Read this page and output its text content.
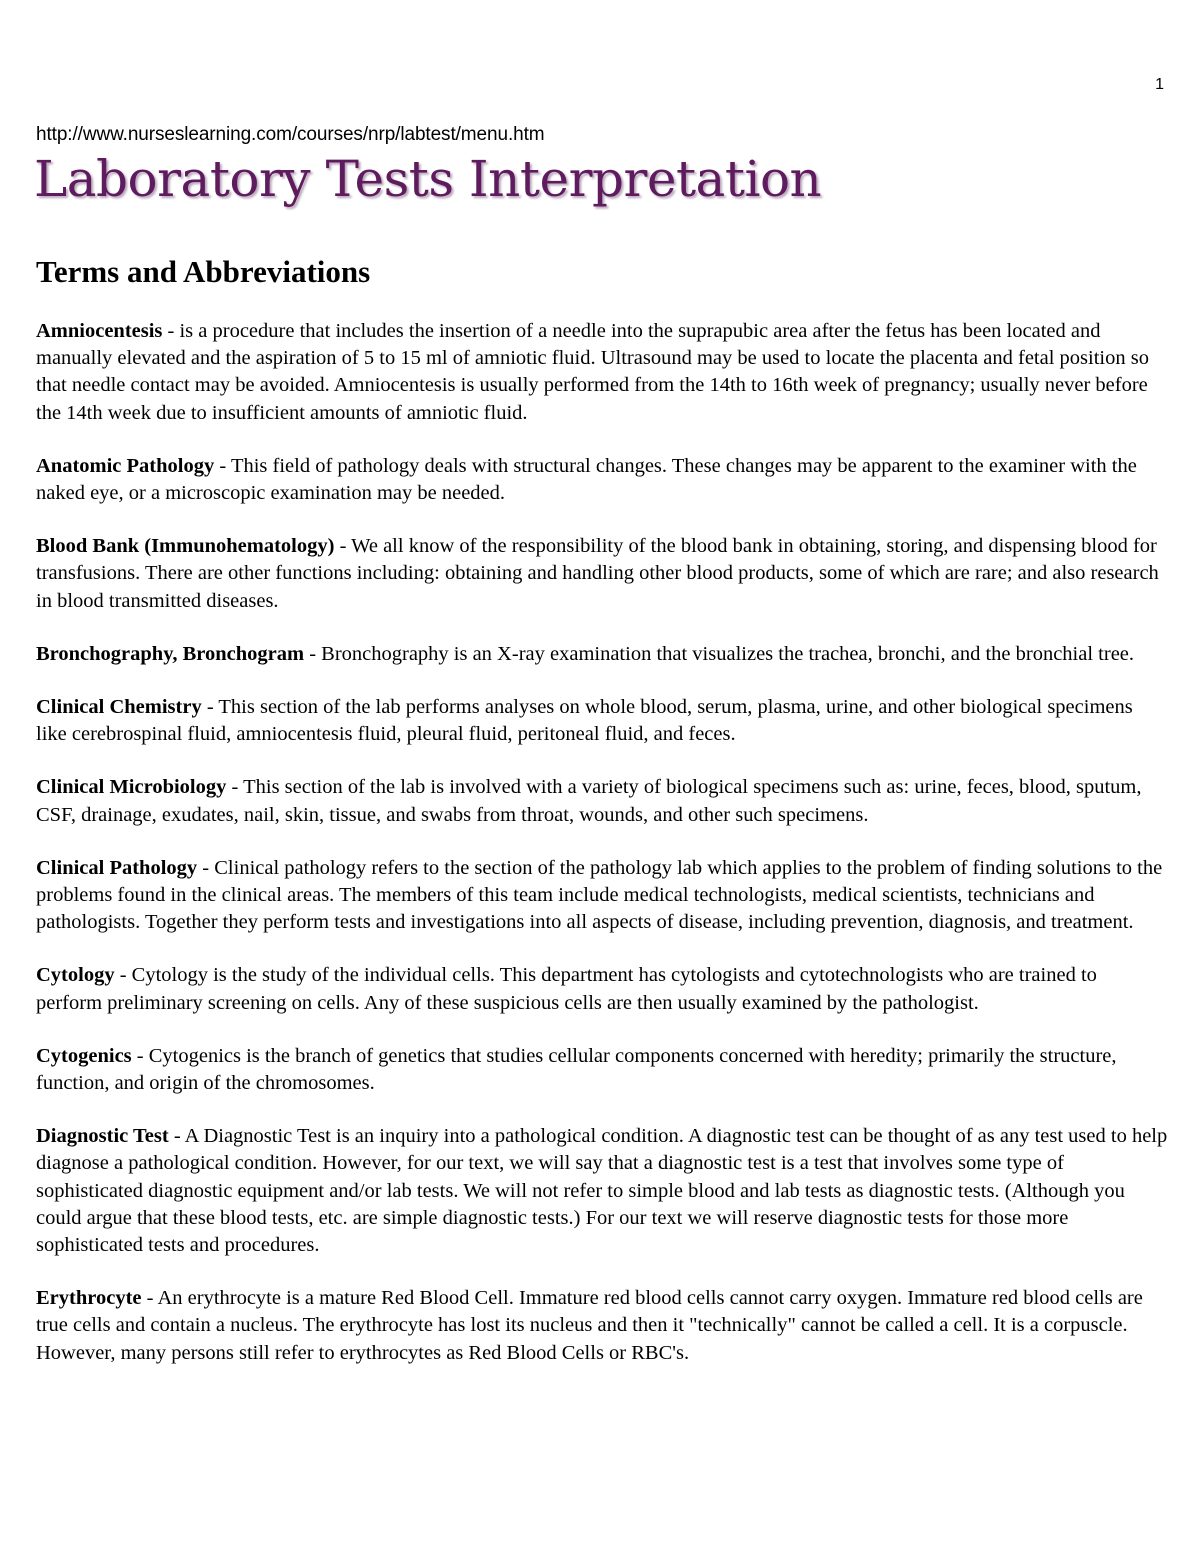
1
http://www.nurseslearning.com/courses/nrp/labtest/menu.htm
Laboratory Tests Interpretation
Terms and Abbreviations
Amniocentesis - is a procedure that includes the insertion of a needle into the suprapubic area after the fetus has been located and manually elevated and the aspiration of 5 to 15 ml of amniotic fluid. Ultrasound may be used to locate the placenta and fetal position so that needle contact may be avoided. Amniocentesis is usually performed from the 14th to 16th week of pregnancy; usually never before the 14th week due to insufficient amounts of amniotic fluid.
Anatomic Pathology - This field of pathology deals with structural changes. These changes may be apparent to the examiner with the naked eye, or a microscopic examination may be needed.
Blood Bank (Immunohematology) - We all know of the responsibility of the blood bank in obtaining, storing, and dispensing blood for transfusions. There are other functions including: obtaining and handling other blood products, some of which are rare; and also research in blood transmitted diseases.
Bronchography, Bronchogram - Bronchography is an X-ray examination that visualizes the trachea, bronchi, and the bronchial tree.
Clinical Chemistry - This section of the lab performs analyses on whole blood, serum, plasma, urine, and other biological specimens like cerebrospinal fluid, amniocentesis fluid, pleural fluid, peritoneal fluid, and feces.
Clinical Microbiology - This section of the lab is involved with a variety of biological specimens such as: urine, feces, blood, sputum, CSF, drainage, exudates, nail, skin, tissue, and swabs from throat, wounds, and other such specimens.
Clinical Pathology - Clinical pathology refers to the section of the pathology lab which applies to the problem of finding solutions to the problems found in the clinical areas. The members of this team include medical technologists, medical scientists, technicians and pathologists. Together they perform tests and investigations into all aspects of disease, including prevention, diagnosis, and treatment.
Cytology - Cytology is the study of the individual cells. This department has cytologists and cytotechnologists who are trained to perform preliminary screening on cells. Any of these suspicious cells are then usually examined by the pathologist.
Cytogenics - Cytogenics is the branch of genetics that studies cellular components concerned with heredity; primarily the structure, function, and origin of the chromosomes.
Diagnostic Test - A Diagnostic Test is an inquiry into a pathological condition. A diagnostic test can be thought of as any test used to help diagnose a pathological condition. However, for our text, we will say that a diagnostic test is a test that involves some type of sophisticated diagnostic equipment and/or lab tests. We will not refer to simple blood and lab tests as diagnostic tests. (Although you could argue that these blood tests, etc. are simple diagnostic tests.) For our text we will reserve diagnostic tests for those more sophisticated tests and procedures.
Erythrocyte - An erythrocyte is a mature Red Blood Cell. Immature red blood cells cannot carry oxygen. Immature red blood cells are true cells and contain a nucleus. The erythrocyte has lost its nucleus and then it "technically" cannot be called a cell. It is a corpuscle. However, many persons still refer to erythrocytes as Red Blood Cells or RBC's.
